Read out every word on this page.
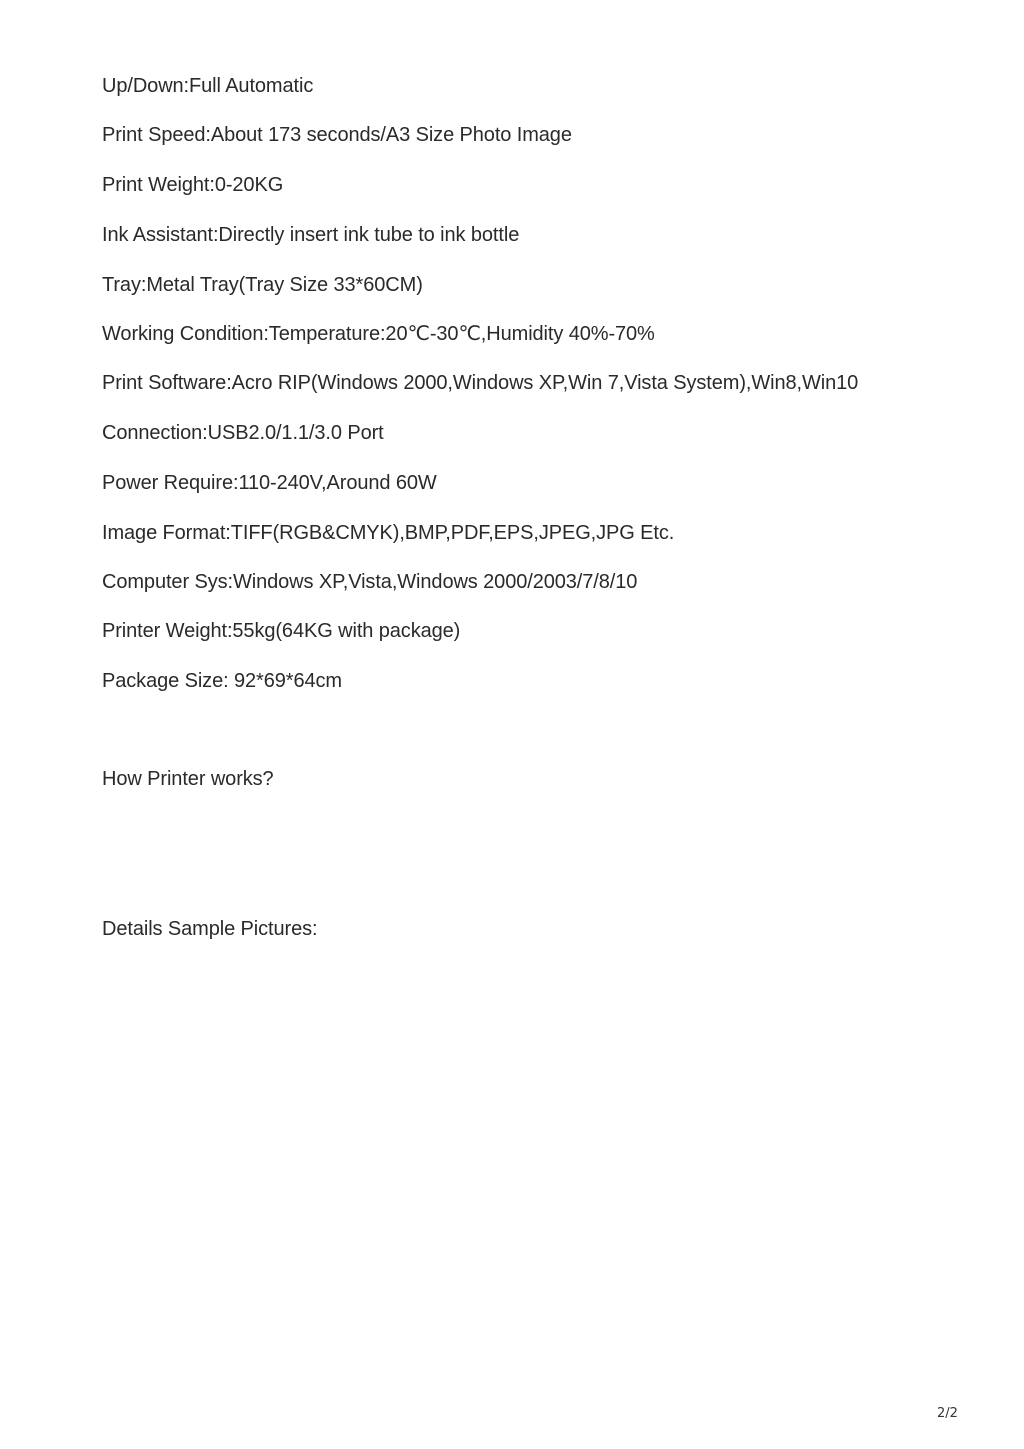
Up/Down:Full Automatic
Print Speed:About 173 seconds/A3 Size Photo Image
Print Weight:0-20KG
Ink Assistant:Directly insert ink tube to ink bottle
Tray:Metal Tray(Tray Size 33*60CM)
Working Condition:Temperature:20℃-30℃,Humidity 40%-70%
Print Software:Acro RIP(Windows 2000,Windows XP,Win 7,Vista System),Win8,Win10
Connection:USB2.0/1.1/3.0 Port
Power Require:110-240V,Around 60W
Image Format:TIFF(RGB&CMYK),BMP,PDF,EPS,JPEG,JPG Etc.
Computer Sys:Windows XP,Vista,Windows 2000/2003/7/8/10
Printer Weight:55kg(64KG with package)
Package Size: 92*69*64cm
How Printer works?
Details Sample Pictures:
2/2
